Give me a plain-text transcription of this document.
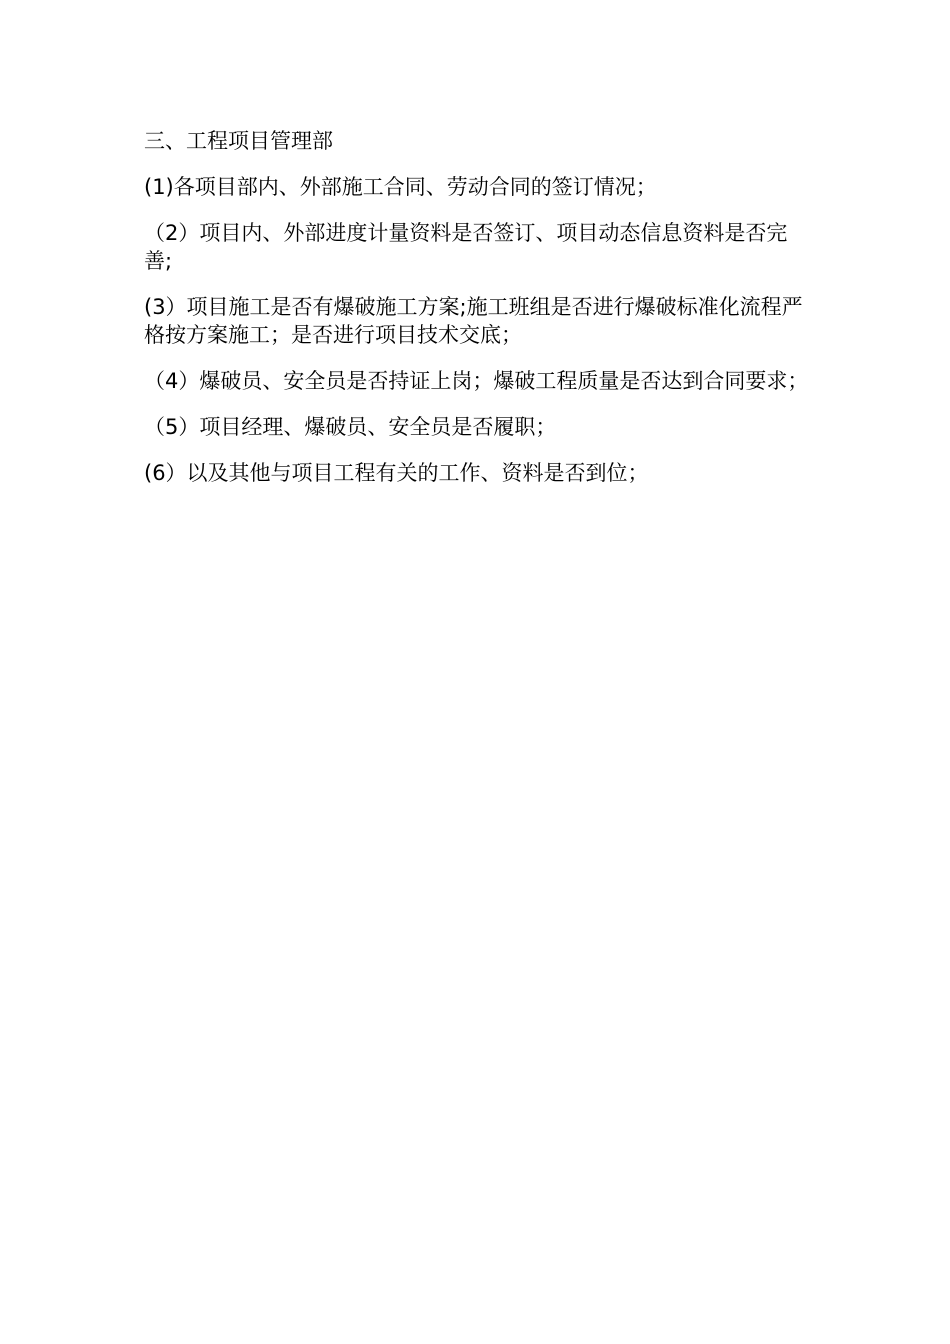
三、工程项目管理部

(1)各项目部内、外部施工合同、劳动合同的签订情况；

（2）项目内、外部进度计量资料是否签订、项目动态信息资料是否完善;

(3）项目施工是否有爆破施工方案;施工班组是否进行爆破标准化流程严格按方案施工；是否进行项目技术交底；

（4）爆破员、安全员是否持证上岗；爆破工程质量是否达到合同要求；

（5）项目经理、爆破员、安全员是否履职；

(6）以及其他与项目工程有关的工作、资料是否到位；
